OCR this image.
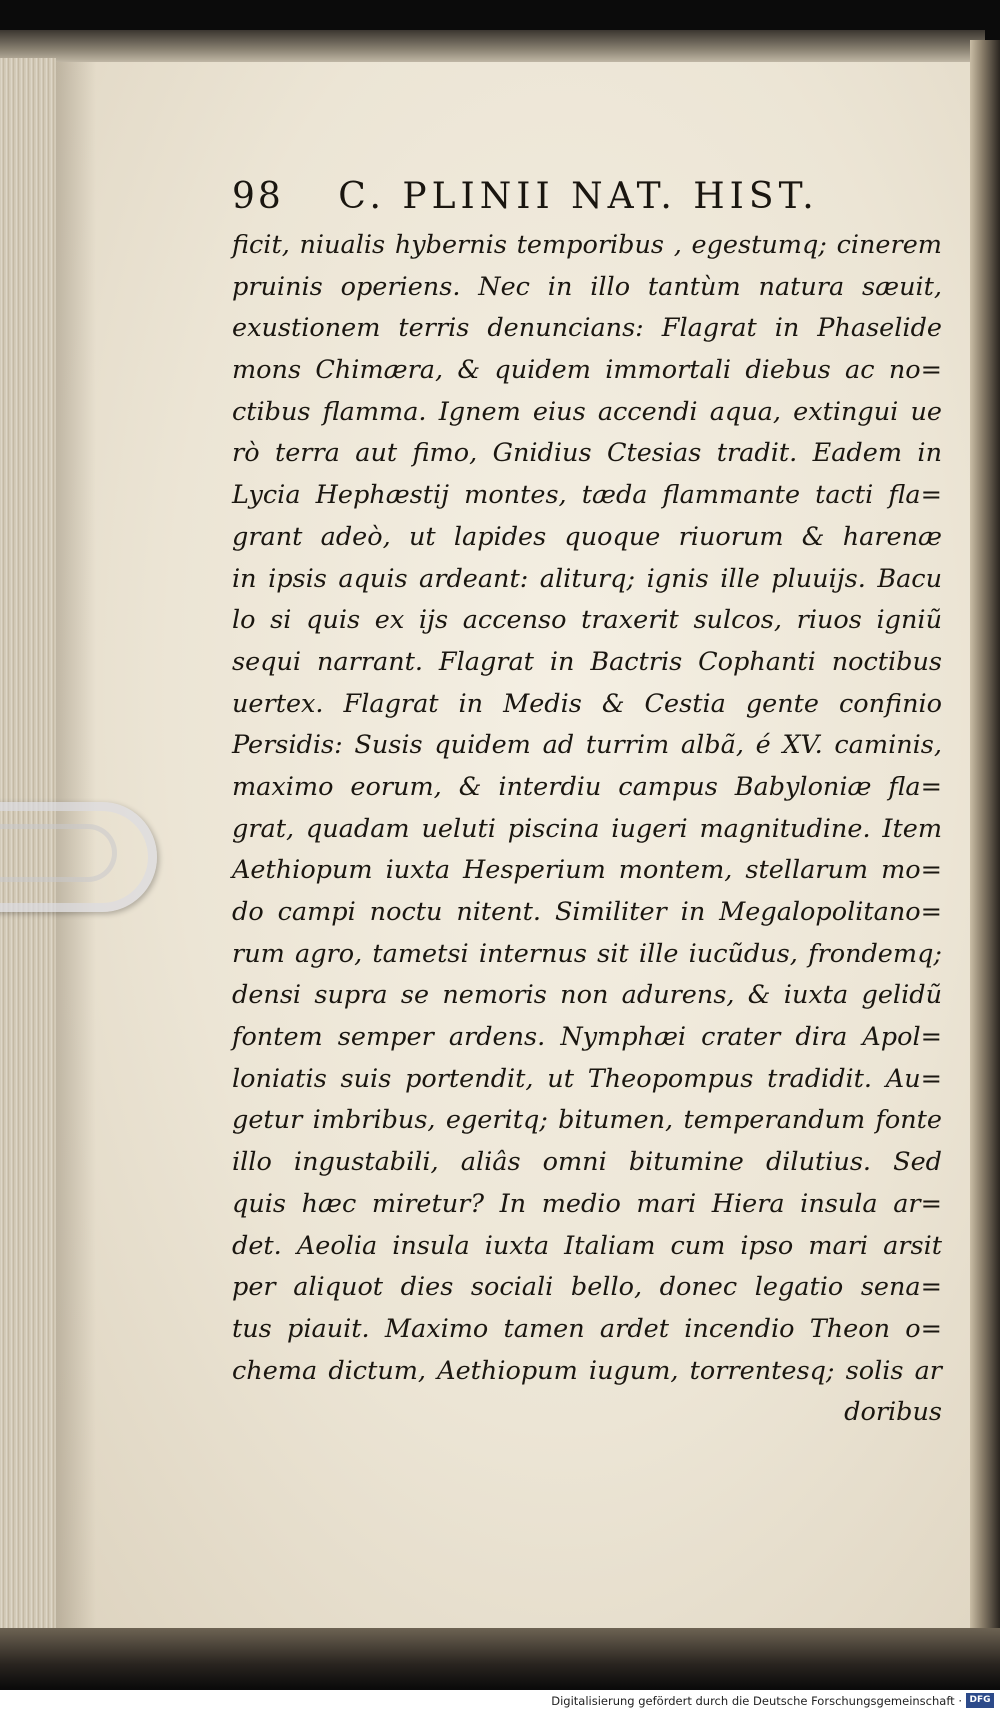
98 C. PLINII NAT. HIST.
ficit, niualis hybernis temporibus , egestumq; cinerem
pruinis operiens. Nec in illo tantùm natura sæuit,
exustionem terris denuncians: Flagrat in Phaselide
mons Chimæra, & quidem immortali diebus ac no=
ctibus flamma. Ignem eius accendi aqua, extingui ue
rò terra aut fimo, Gnidius Ctesias tradit. Eadem in
Lycia Hephæstij montes, tæda flammante tacti fla=
grant adeò, ut lapides quoque riuorum & harenæ
in ipsis aquis ardeant: aliturq; ignis ille pluuijs. Bacu
lo si quis ex ijs accenso traxerit sulcos, riuos igniũ
sequi narrant. Flagrat in Bactris Cophanti noctibus
uertex. Flagrat in Medis & Cestia gente confinio
Persidis: Susis quidem ad turrim albã, é XV. caminis,
maximo eorum, & interdiu campus Babyloniæ fla=
grat, quadam ueluti piscina iugeri magnitudine. Item
Aethiopum iuxta Hesperium montem, stellarum mo=
do campi noctu nitent. Similiter in Megalopolitano=
rum agro, tametsi internus sit ille iucũdus, frondemq;
densi supra se nemoris non adurens, & iuxta gelidũ
fontem semper ardens. Nymphæi crater dira Apol=
loniatis suis portendit, ut Theopompus tradidit. Au=
getur imbribus, egeritq; bitumen, temperandum fonte
illo ingustabili, aliâs omni bitumine dilutius. Sed
quis hæc miretur? In medio mari Hiera insula ar=
det. Aeolia insula iuxta Italiam cum ipso mari arsit
per aliquot dies sociali bello, donec legatio sena=
tus piauit. Maximo tamen ardet incendio Theon o=
chema dictum, Aethiopum iugum, torrentesq; solis ar
doribus
Digitalisierung gefördert durch die Deutsche Forschungsgemeinschaft · DFG
